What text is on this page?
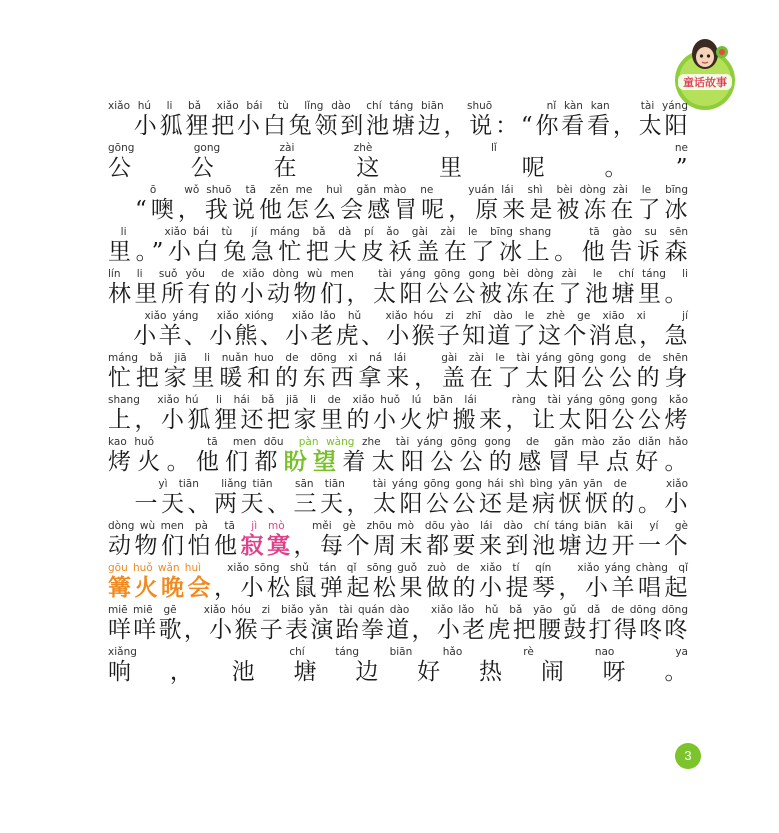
童话故事
xiǎo hú  li  bǎ  xiǎo bái  tù  lǐng dào  chí táng biān   shuō       nǐ kàn kan    tài yáng
　小狐狸把小白兔领到池塘边，说：“你看看，太阳
gōng gong zài zhè  lǐ   ne
公公在这里呢。”
ō    wǒ shuō  tā  zěn me  huì  gǎn mào  ne     yuán lái  shì  bèi dòng zài  le  bīng
　“噢，我说他怎么会感冒呢，原来是被冻在了冰
li      xiǎo bái  tù   jí  máng  bǎ  dà  pí  ǎo  gài  zài  le  bīng shang      tā  gào  su  sēn
里。”小白兔急忙把大皮袄盖在了冰上。他告诉森
lín  li  suǒ yǒu  de xiǎo dòng wù men   tài yáng gōng gong bèi dòng zài  le  chí táng  li
林里所有的小动物们，太阳公公被冻在了池塘里。
xiǎo yáng   xiǎo xióng   xiǎo lǎo  hǔ    xiǎo hóu  zi  zhī  dào  le  zhè  ge  xiāo  xi      jí
　小羊、小熊、小老虎、小猴子知道了这个消息，急
máng  bǎ  jiā   li  nuǎn huo  de  dōng  xi  ná  lái      gài  zài  le  tài yáng gōng gong  de  shēn
忙把家里暖和的东西拿来，盖在了太阳公公的身
shang   xiǎo hú   li  hái  bǎ  jiā  li  de  xiǎo huǒ  lú  bān  lái      ràng  tài yáng gōng gong  kǎo
上，小狐狸还把家里的小火炉搬来，让太阳公公烤
kao huǒ       tā  men dōu  pàn wàng zhe  tài yáng gōng gong  de  gǎn mào zǎo diǎn hǎo
烤火。他们都盼望着太阳公公的感冒早点好。
yì  tiān    liǎng tiān    sān  tiān     tài yáng gōng gong hái shì bìng yān yān  de       xiǎo
　一天、两天、三天，太阳公公还是病恹恹的。小
dòng wù men  pà   tā   jì  mò     měi  gè  zhōu mò  dōu yào  lái  dào  chí táng biān  kāi   yí   gè
动物们怕他寂寞，每个周末都要来到池塘边开一个
gōu huǒ wǎn huì     xiǎo sōng  shǔ  tán  qǐ  sōng guǒ  zuò  de  xiǎo  tí   qín     xiǎo yáng chàng  qǐ
篝火晚会，小松鼠弹起松果做的小提琴，小羊唱起
miē miē  gē     xiǎo hóu  zi  biǎo yǎn  tài quán dào    xiǎo lǎo  hǔ  bǎ  yāo  gǔ  dǎ  de dōng dōng
咩咩歌，小猴子表演跆拳道，小老虎把腰鼓打得咚咚
xiǎng     chí táng biān hǎo  rè  nao  ya
响，池塘边好热闹呀。
3
